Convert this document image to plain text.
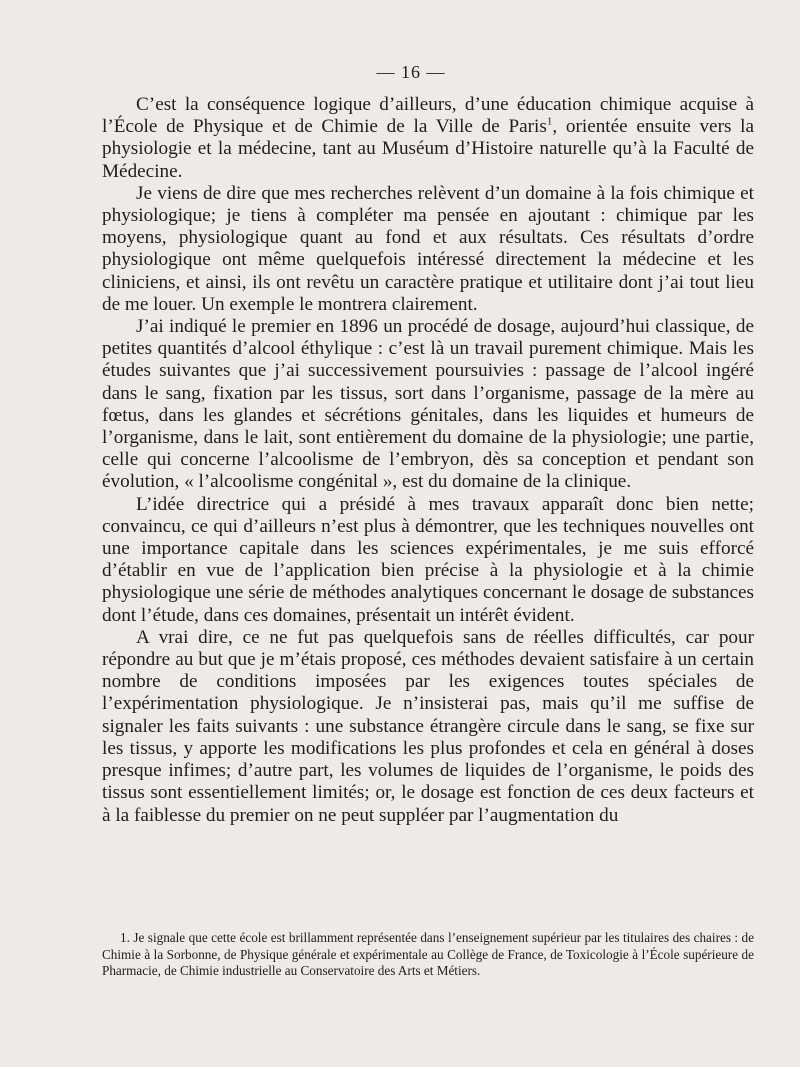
— 16 —

C’est la conséquence logique d’ailleurs, d’une éducation chimique acquise à l’École de Physique et de Chimie de la Ville de Paris$^1$, orientée ensuite vers la physiologie et la médecine, tant au Muséum d’Histoire naturelle qu’à la Faculté de Médecine.

Je viens de dire que mes recherches relèvent d’un domaine à la fois chimique et physiologique; je tiens à compléter ma pensée en ajoutant : chimique par les moyens, physiologique quant au fond et aux résultats. Ces résultats d’ordre physiologique ont même quelquefois intéressé directement la médecine et les cliniciens, et ainsi, ils ont revêtu un caractère pratique et utilitaire dont j’ai tout lieu de me louer. Un exemple le montrera clairement.

J’ai indiqué le premier en 1896 un procédé de dosage, aujourd’hui classique, de petites quantités d’alcool éthylique : c’est là un travail purement chimique. Mais les études suivantes que j’ai successivement poursuivies : passage de l’alcool ingéré dans le sang, fixation par les tissus, sort dans l’organisme, passage de la mère au fœtus, dans les glandes et sécrétions génitales, dans les liquides et humeurs de l’organisme, dans le lait, sont entièrement du domaine de la physiologie; une partie, celle qui concerne l’alcoolisme de l’embryon, dès sa conception et pendant son évolution, « l’alcoolisme congénital », est du domaine de la clinique.

L’idée directrice qui a présidé à mes travaux apparaît donc bien nette; convaincu, ce qui d’ailleurs n’est plus à démontrer, que les techniques nouvelles ont une importance capitale dans les sciences expérimentales, je me suis efforcé d’établir en vue de l’application bien précise à la physiologie et à la chimie physiologique une série de méthodes analytiques concernant le dosage de substances dont l’étude, dans ces domaines, présentait un intérêt évident.

A vrai dire, ce ne fut pas quelquefois sans de réelles difficultés, car pour répondre au but que je m’étais proposé, ces méthodes devaient satisfaire à un certain nombre de conditions imposées par les exigences toutes spéciales de l’expérimentation physiologique. Je n’insisterai pas, mais qu’il me suffise de signaler les faits suivants : une substance étrangère circule dans le sang, se fixe sur les tissus, y apporte les modifications les plus profondes et cela en général à doses presque infimes; d’autre part, les volumes de liquides de l’organisme, le poids des tissus sont essentiellement limités; or, le dosage est fonction de ces deux facteurs et à la faiblesse du premier on ne peut suppléer par l’augmentation du

1. Je signale que cette école est brillamment représentée dans l’enseignement supérieur par les titulaires des chaires : de Chimie à la Sorbonne, de Physique générale et expérimentale au Collège de France, de Toxicologie à l’École supérieure de Pharmacie, de Chimie industrielle au Conservatoire des Arts et Métiers.
